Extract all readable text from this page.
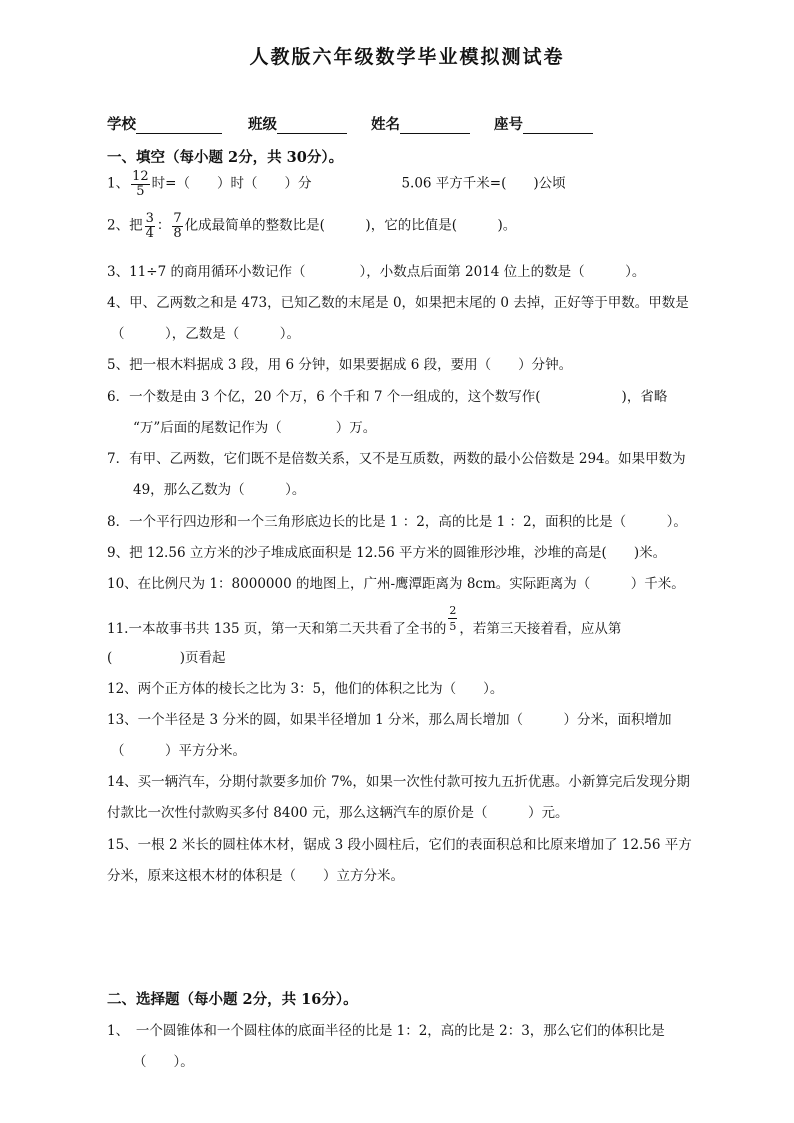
人教版六年级数学毕业模拟测试卷
学校	班级	姓名	座号
一、填空（每小题 2分，共 30分）。
1、 $\frac{12}{5}$ 时=（　　）时（　　）分	5.06 平方千米=(　　)公顷
2、把 $\frac{3}{4}$ ： $\frac{7}{8}$ 化成最简单的整数比是(　　　)，它的比值是(　　　)。
3、11÷7 的商用循环小数记作（　　　　），小数点后面第 2014 位上的数是（　　　）。
4、甲、乙两数之和是 473，已知乙数的末尾是 0，如果把末尾的 0 去掉，正好等于甲数。甲数是
（　　　），乙数是（　　　）。
5、把一根木料据成 3 段，用 6 分钟，如果要据成 6 段，要用（　　）分钟。
6．一个数是由 3 个亿，20 个万，6 个千和 7 个一组成的，这个数写作(　　　　　　)，省略
“万”后面的尾数记作为（　　　　）万。
7．有甲、乙两数，它们既不是倍数关系，又不是互质数，两数的最小公倍数是 294。如果甲数为
49，那么乙数为（　　　）。
8．一个平行四边形和一个三角形底边长的比是 1 ：2，高的比是 1 ：2，面积的比是（　　　）。
9、把 12.56 立方米的沙子堆成底面积是 12.56 平方米的圆锥形沙堆，沙堆的高是(　　)米。
10、在比例尺为 1：8000000 的地图上，广州-鹰潭距离为 8cm。实际距离为（　　　）千米。
11.一本故事书共 135 页，第一天和第二天共看了全书的 $\frac{2}{5}$ ，若第三天接着看，应从第
(　　　　　)页看起
12、两个正方体的棱长之比为 3：5，他们的体积之比为（　　）。
13、一个半径是 3 分米的圆，如果半径增加 1 分米，那么周长增加（　　　）分米，面积增加
（　　　）平方分米。
14、买一辆汽车，分期付款要多加价 7%，如果一次性付款可按九五折优惠。小新算完后发现分期
付款比一次性付款购买多付 8400 元，那么这辆汽车的原价是（　　　）元。
15、一根 2 米长的圆柱体木材，锯成 3 段小圆柱后，它们的表面积总和比原来增加了 12.56 平方
分米，原来这根木材的体积是（　　）立方分米。
二、选择题（每小题 2分，共 16分）。
1、　一个圆锥体和一个圆柱体的底面半径的比是 1：2，高的比是 2：3，那么它们的体积比是
（　　）。
